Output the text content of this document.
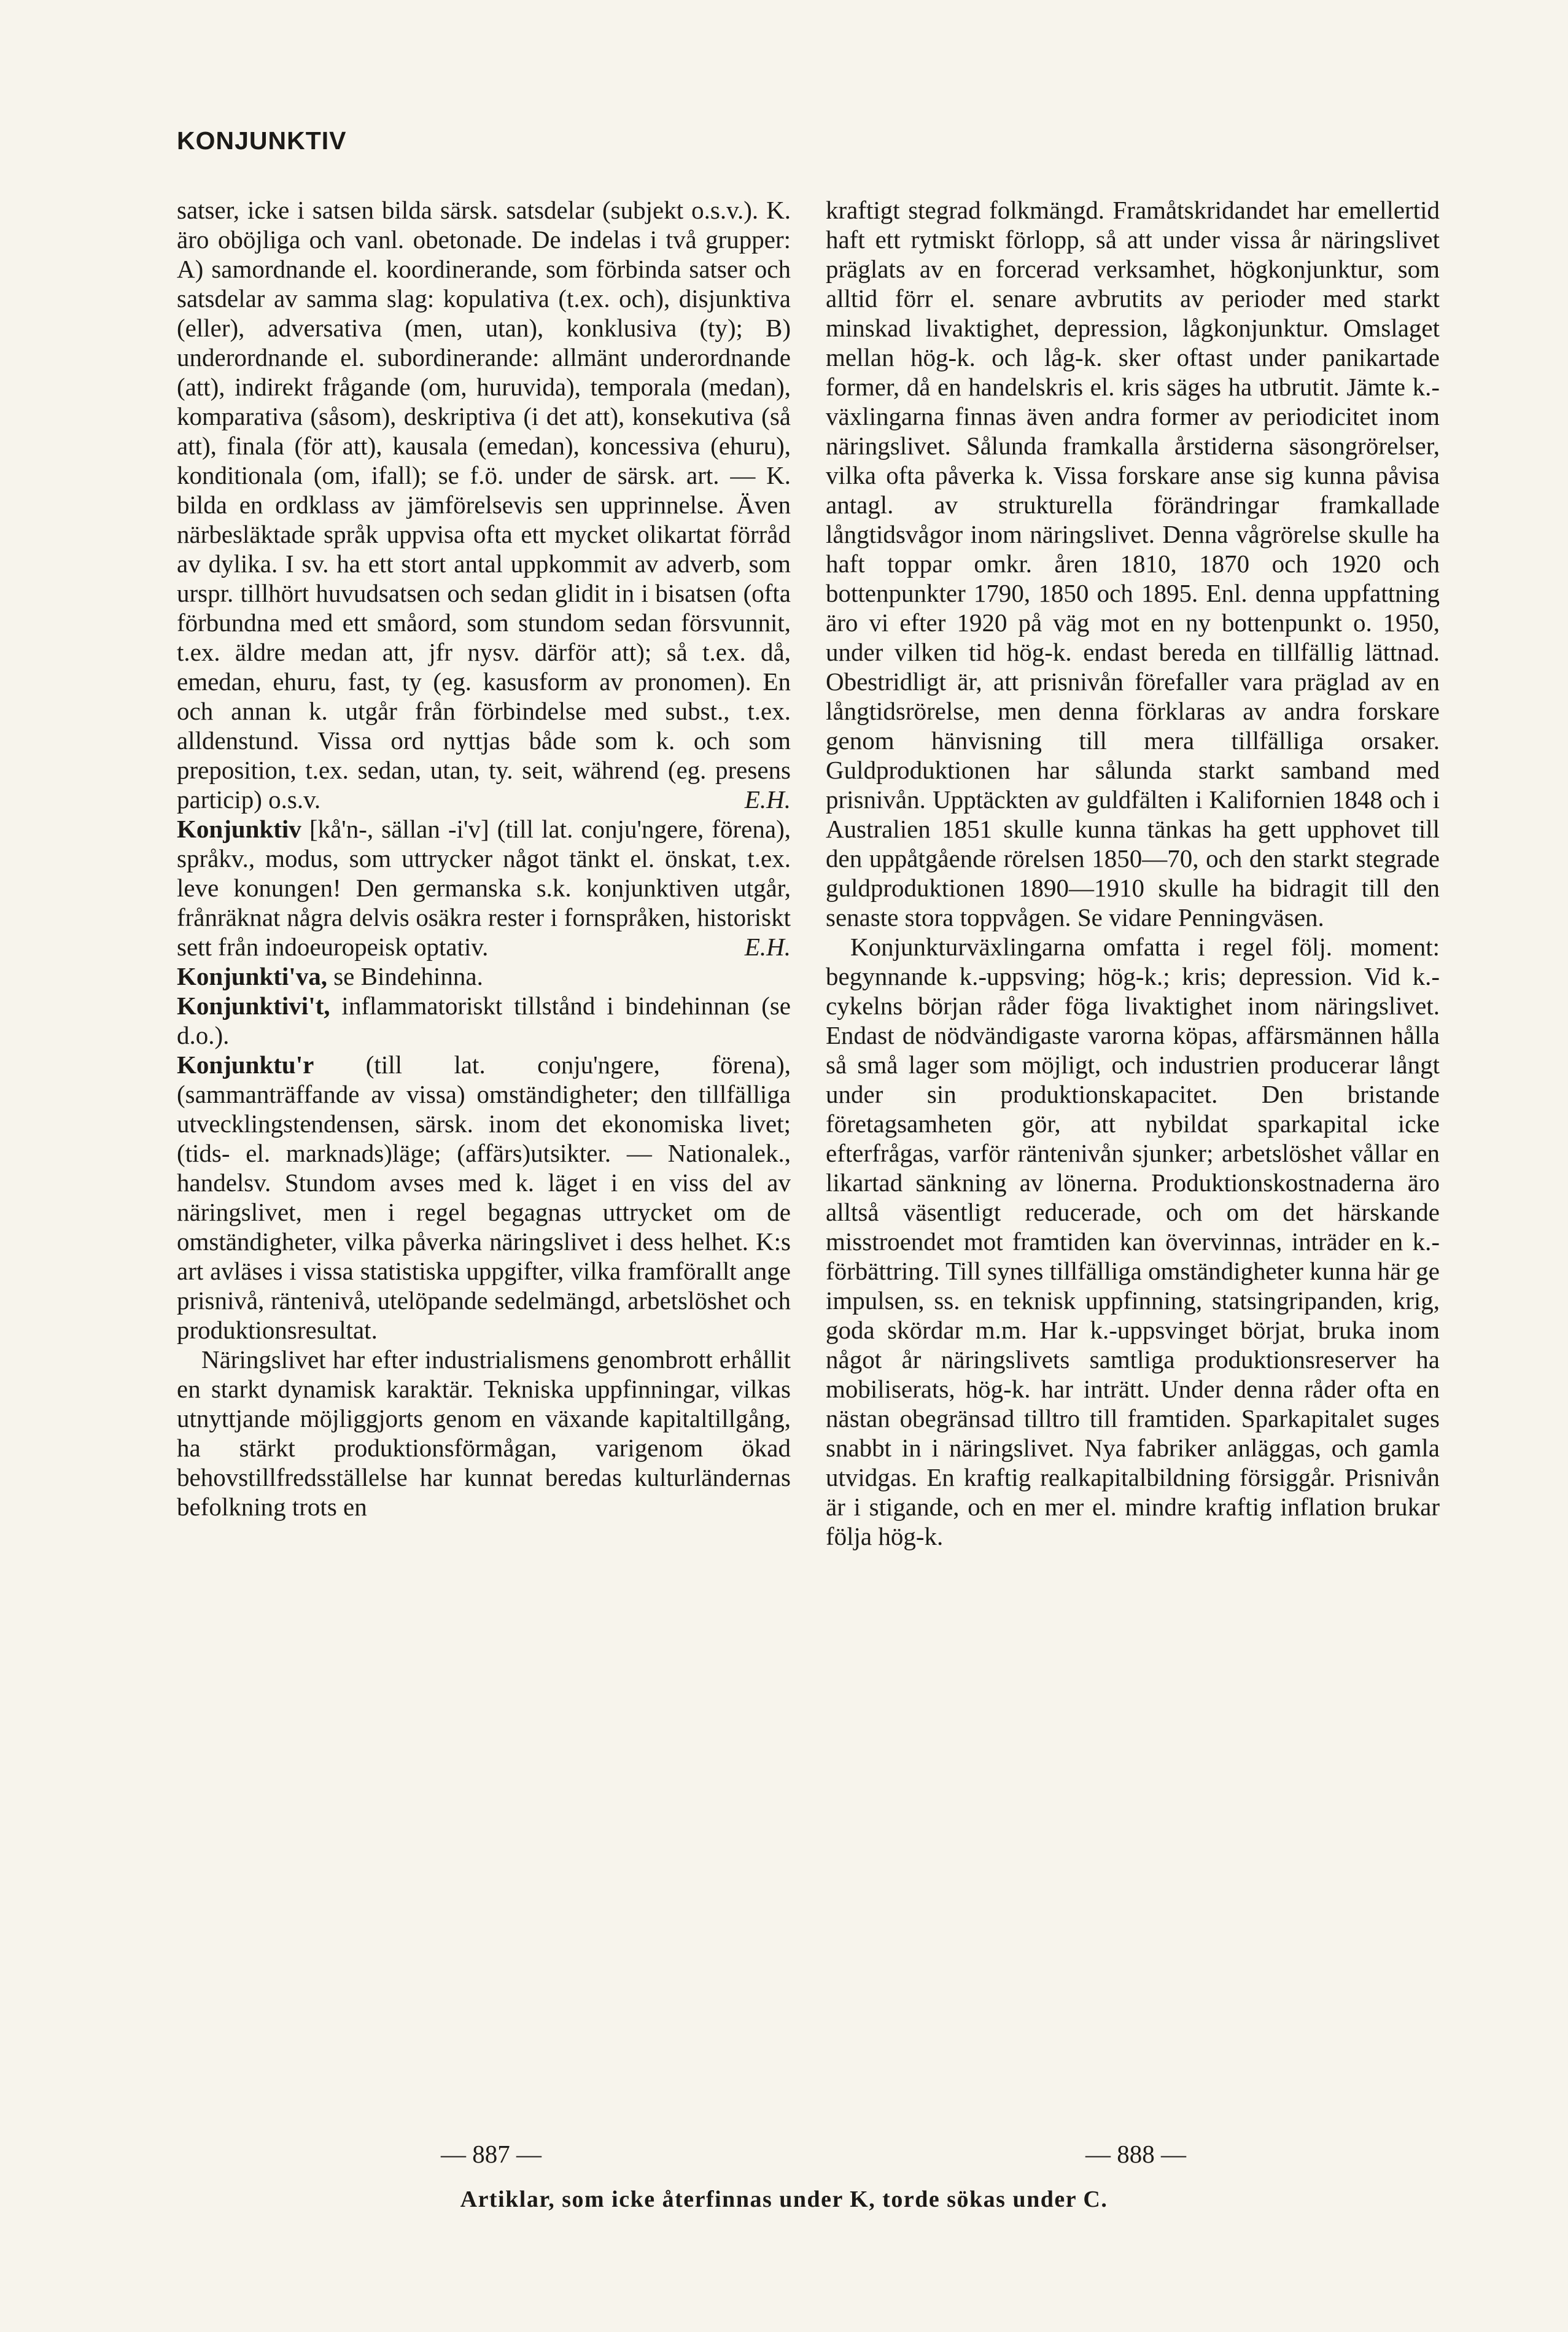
KONJUNKTIV

satser, icke i satsen bilda särsk. satsdelar (subjekt o.s.v.). K. äro oböjliga och vanl. obetonade. De indelas i två grupper: A) samordnande el. koordinerande, som förbinda satser och satsdelar av samma slag: kopulativa (t.ex. och), disjunktiva (eller), adversativa (men, utan), konklusiva (ty); B) underordnande el. subordinerande: allmänt underordnande (att), indirekt frågande (om, huruvida), temporala (medan), komparativa (såsom), deskriptiva (i det att), konsekutiva (så att), finala (för att), kausala (emedan), koncessiva (ehuru), konditionala (om, ifall); se f.ö. under de särsk. art. — K. bilda en ordklass av jämförelsevis sen upprinnelse. Även närbesläktade språk uppvisa ofta ett mycket olikartat förråd av dylika. I sv. ha ett stort antal uppkommit av adverb, som urspr. tillhört huvudsatsen och sedan glidit in i bisatsen (ofta förbundna med ett småord, som stundom sedan försvunnit, t.ex. äldre medan att, jfr nysv. därför att); så t.ex. då, emedan, ehuru, fast, ty (eg. kasusform av pronomen). En och annan k. utgår från förbindelse med subst., t.ex. alldenstund. Vissa ord nyttjas både som k. och som preposition, t.ex. sedan, utan, ty. seit, während (eg. presens particip) o.s.v.	E.H.

Konjunktiv [kå'n-, sällan -i'v] (till lat. conju'ngere, förena), språkv., modus, som uttrycker något tänkt el. önskat, t.ex. leve konungen! Den germanska s.k. konjunktiven utgår, frånräknat några delvis osäkra rester i fornspråken, historiskt sett från indoeuropeisk optativ.	E.H.

Konjunkti'va, se Bindehinna.

Konjunktivi't, inflammatoriskt tillstånd i bindehinnan (se d.o.).

Konjunktu'r (till lat. conju'ngere, förena), (sammanträffande av vissa) omständigheter; den tillfälliga utvecklingstendensen, särsk. inom det ekonomiska livet; (tids- el. marknads)läge; (affärs)utsikter. — Nationalek., handelsv. Stundom avses med k. läget i en viss del av näringslivet, men i regel begagnas uttrycket om de omständigheter, vilka påverka näringslivet i dess helhet. K:s art avläses i vissa statistiska uppgifter, vilka framförallt ange prisnivå, räntenivå, utelöpande sedelmängd, arbetslöshet och produktionsresultat.

Näringslivet har efter industrialismens genombrott erhållit en starkt dynamisk karaktär. Tekniska uppfinningar, vilkas utnyttjande möjliggjorts genom en växande kapitaltillgång, ha stärkt produktionsförmågan, varigenom ökad behovstillfredsställelse har kunnat beredas kulturländernas befolkning trots en

kraftigt stegrad folkmängd. Framåtskridandet har emellertid haft ett rytmiskt förlopp, så att under vissa år näringslivet präglats av en forcerad verksamhet, högkonjunktur, som alltid förr el. senare avbrutits av perioder med starkt minskad livaktighet, depression, lågkonjunktur. Omslaget mellan hög-k. och låg-k. sker oftast under panikartade former, då en handelskris el. kris säges ha utbrutit. Jämte k.-växlingarna finnas även andra former av periodicitet inom näringslivet. Sålunda framkalla årstiderna säsongrörelser, vilka ofta påverka k. Vissa forskare anse sig kunna påvisa antagl. av strukturella förändringar framkallade långtidsvågor inom näringslivet. Denna vågrörelse skulle ha haft toppar omkr. åren 1810, 1870 och 1920 och bottenpunkter 1790, 1850 och 1895. Enl. denna uppfattning äro vi efter 1920 på väg mot en ny bottenpunkt o. 1950, under vilken tid hög-k. endast bereda en tillfällig lättnad. Obestridligt är, att prisnivån förefaller vara präglad av en långtidsrörelse, men denna förklaras av andra forskare genom hänvisning till mera tillfälliga orsaker. Guldproduktionen har sålunda starkt samband med prisnivån. Upptäckten av guldfälten i Kalifornien 1848 och i Australien 1851 skulle kunna tänkas ha gett upphovet till den uppåtgående rörelsen 1850—70, och den starkt stegrade guldproduktionen 1890—1910 skulle ha bidragit till den senaste stora toppvågen. Se vidare Penningväsen.

Konjunkturväxlingarna omfatta i regel följ. moment: begynnande k.-uppsving; hög-k.; kris; depression. Vid k.-cykelns början råder föga livaktighet inom näringslivet. Endast de nödvändigaste varorna köpas, affärsmännen hålla så små lager som möjligt, och industrien producerar långt under sin produktionskapacitet. Den bristande företagsamheten gör, att nybildat sparkapital icke efterfrågas, varför räntenivån sjunker; arbetslöshet vållar en likartad sänkning av lönerna. Produktionskostnaderna äro alltså väsentligt reducerade, och om det härskande misstroendet mot framtiden kan övervinnas, inträder en k.-förbättring. Till synes tillfälliga omständigheter kunna här ge impulsen, ss. en teknisk uppfinning, statsingripanden, krig, goda skördar m.m. Har k.-uppsvinget börjat, bruka inom något år näringslivets samtliga produktionsreserver ha mobiliserats, hög-k. har inträtt. Under denna råder ofta en nästan obegränsad tilltro till framtiden. Sparkapitalet suges snabbt in i näringslivet. Nya fabriker anläggas, och gamla utvidgas. En kraftig realkapitalbildning försiggår. Prisnivån är i stigande, och en mer el. mindre kraftig inflation brukar följa hög-k.

— 887 —	— 888 —
Artiklar, som icke återfinnas under K, torde sökas under C.
